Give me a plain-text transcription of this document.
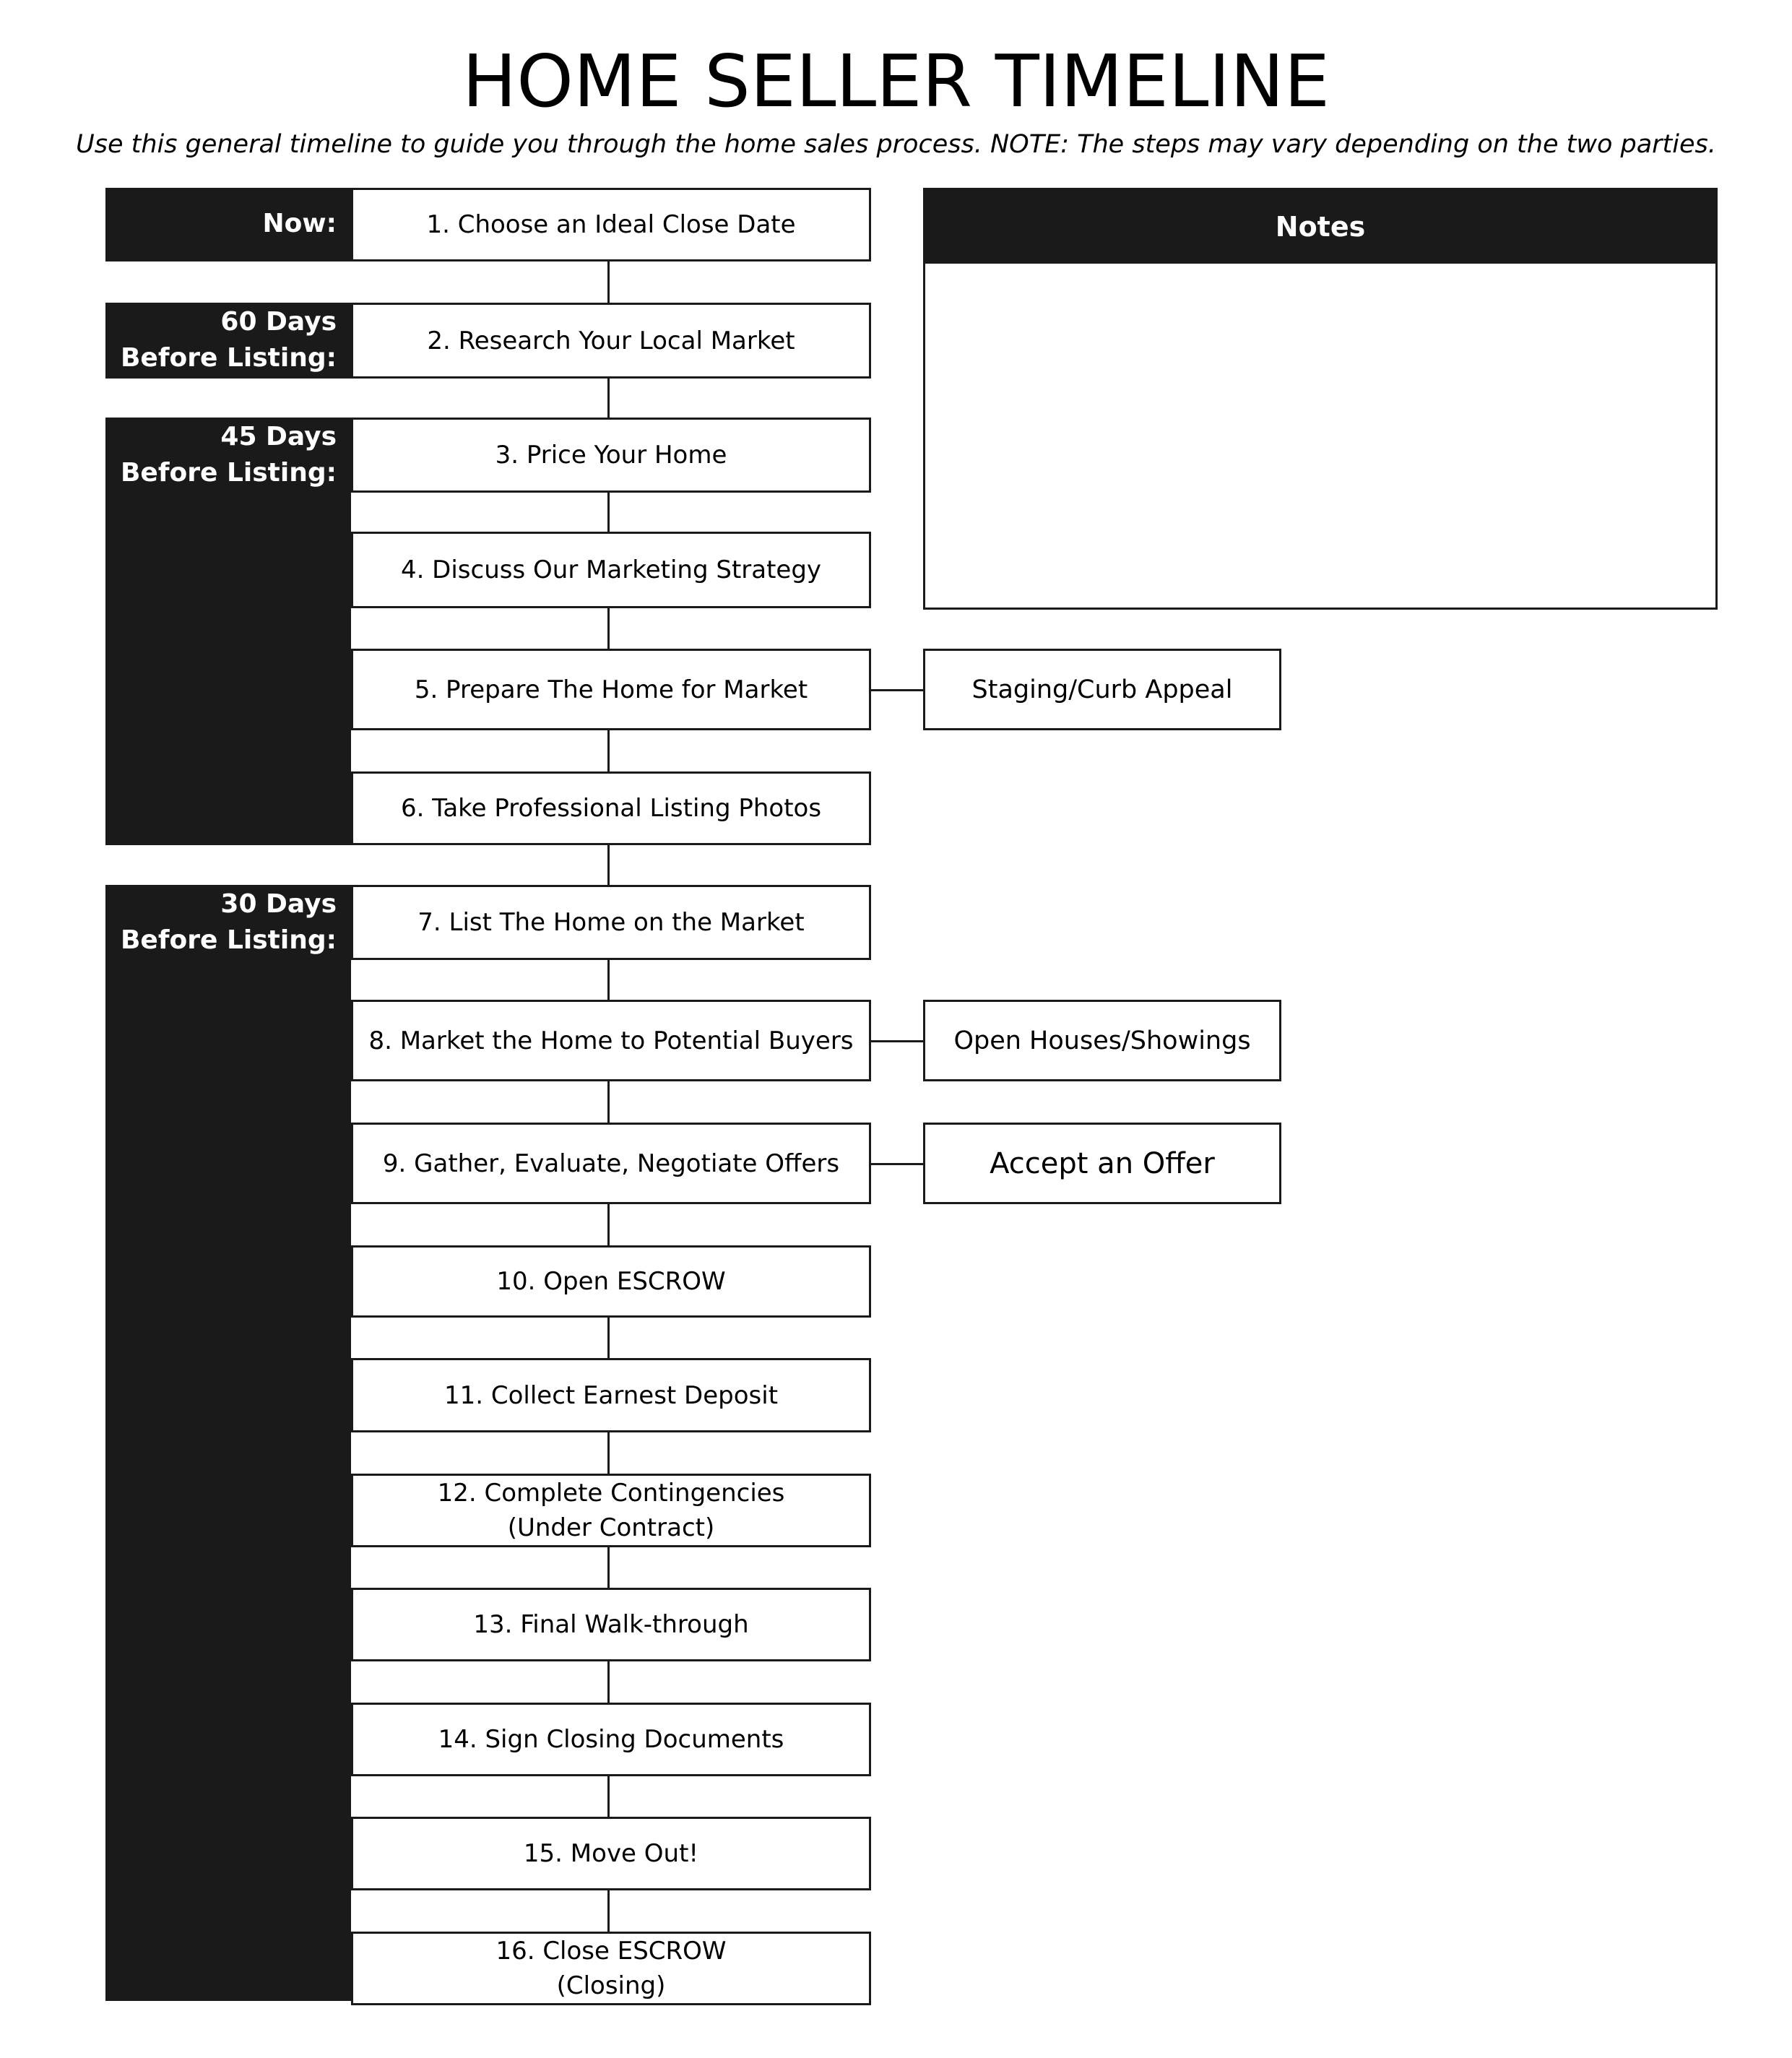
HOME SELLER TIMELINE
Use this general timeline to guide you through the home sales process. NOTE: The steps may vary depending on the two parties.
Now:
60 Days
Before Listing:
45 Days
Before Listing:
30 Days
Before Listing:
1. Choose an Ideal Close Date
2. Research Your Local Market
3. Price Your Home
4. Discuss Our Marketing Strategy
5. Prepare The Home for Market
6. Take Professional Listing Photos
7. List The Home on the Market
8. Market the Home to Potential Buyers
9. Gather, Evaluate, Negotiate Offers
10. Open ESCROW
11. Collect Earnest Deposit
12. Complete Contingencies
(Under Contract)
13. Final Walk-through
14. Sign Closing Documents
15. Move Out!
16. Close ESCROW
(Closing)
Staging/Curb Appeal
Open Houses/Showings
Accept an Offer
Notes
